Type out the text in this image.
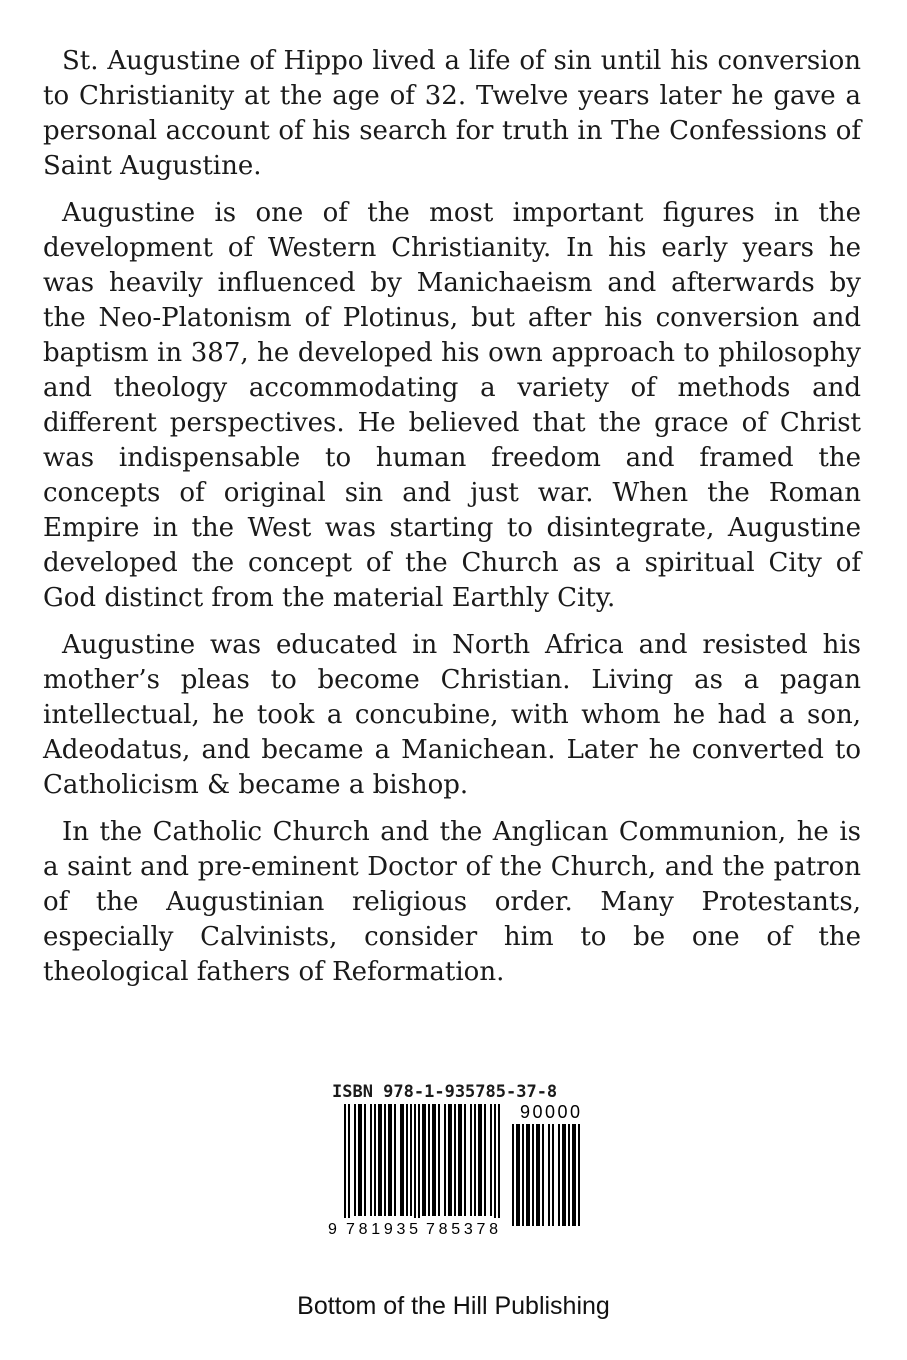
St. Augustine of Hippo lived a life of sin until his conversion to Christianity at the age of 32. Twelve years later he gave a personal account of his search for truth in The Confessions of Saint Augustine.

Augustine is one of the most important figures in the development of Western Christianity. In his early years he was heavily influenced by Manichaeism and afterwards by the Neo-Platonism of Plotinus, but after his conversion and baptism in 387, he developed his own approach to philosophy and theology accommodating a variety of methods and different perspectives. He believed that the grace of Christ was indispensable to human freedom and framed the concepts of original sin and just war. When the Roman Empire in the West was starting to disintegrate, Augustine developed the concept of the Church as a spiritual City of God distinct from the material Earthly City.

Augustine was educated in North Africa and resisted his mother’s pleas to become Christian. Living as a pagan intellectual, he took a concubine, with whom he had a son, Adeodatus, and became a Manichean. Later he converted to Catholicism & became a bishop.

In the Catholic Church and the Anglican Communion, he is a saint and pre-eminent Doctor of the Church, and the patron of the Augustinian religious order. Many Protestants, especially Calvinists, consider him to be one of the theological fathers of Reformation.

ISBN 978-1-935785-37-8
9 781935 785378
90000
Bottom of the Hill Publishing
